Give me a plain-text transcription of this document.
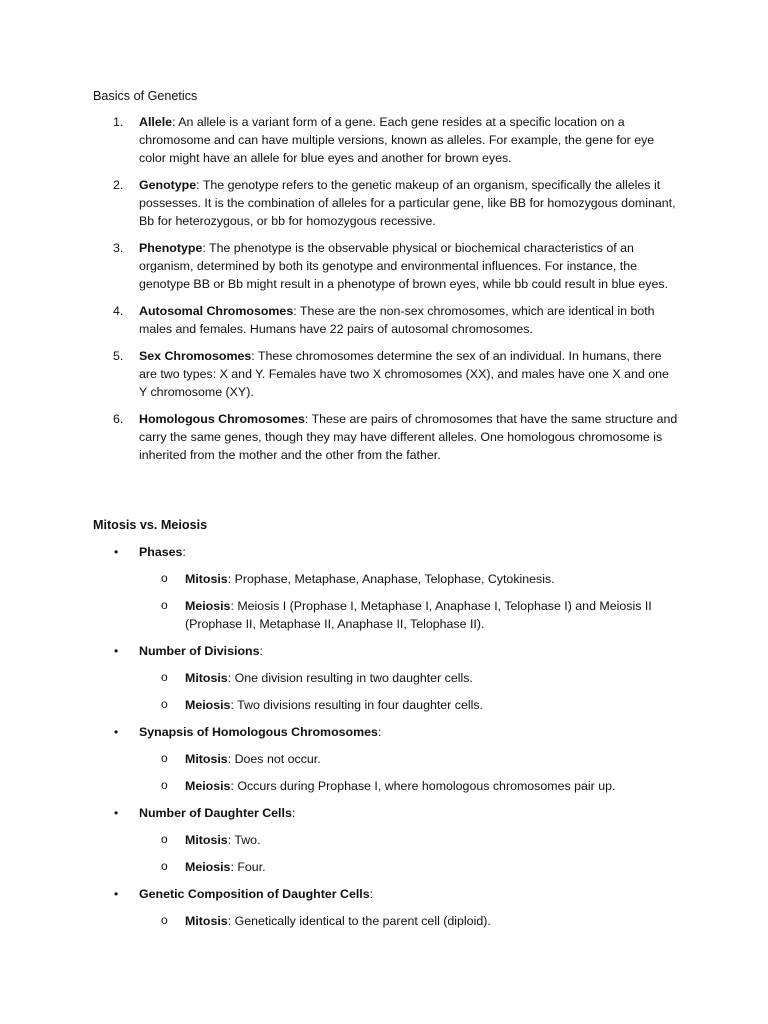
Basics of Genetics
1. Allele: An allele is a variant form of a gene. Each gene resides at a specific location on a chromosome and can have multiple versions, known as alleles. For example, the gene for eye color might have an allele for blue eyes and another for brown eyes.
2. Genotype: The genotype refers to the genetic makeup of an organism, specifically the alleles it possesses. It is the combination of alleles for a particular gene, like BB for homozygous dominant, Bb for heterozygous, or bb for homozygous recessive.
3. Phenotype: The phenotype is the observable physical or biochemical characteristics of an organism, determined by both its genotype and environmental influences. For instance, the genotype BB or Bb might result in a phenotype of brown eyes, while bb could result in blue eyes.
4. Autosomal Chromosomes: These are the non-sex chromosomes, which are identical in both males and females. Humans have 22 pairs of autosomal chromosomes.
5. Sex Chromosomes: These chromosomes determine the sex of an individual. In humans, there are two types: X and Y. Females have two X chromosomes (XX), and males have one X and one Y chromosome (XY).
6. Homologous Chromosomes: These are pairs of chromosomes that have the same structure and carry the same genes, though they may have different alleles. One homologous chromosome is inherited from the mother and the other from the father.
Mitosis vs. Meiosis
• Phases:
o Mitosis: Prophase, Metaphase, Anaphase, Telophase, Cytokinesis.
o Meiosis: Meiosis I (Prophase I, Metaphase I, Anaphase I, Telophase I) and Meiosis II (Prophase II, Metaphase II, Anaphase II, Telophase II).
• Number of Divisions:
o Mitosis: One division resulting in two daughter cells.
o Meiosis: Two divisions resulting in four daughter cells.
• Synapsis of Homologous Chromosomes:
o Mitosis: Does not occur.
o Meiosis: Occurs during Prophase I, where homologous chromosomes pair up.
• Number of Daughter Cells:
o Mitosis: Two.
o Meiosis: Four.
• Genetic Composition of Daughter Cells:
o Mitosis: Genetically identical to the parent cell (diploid).
